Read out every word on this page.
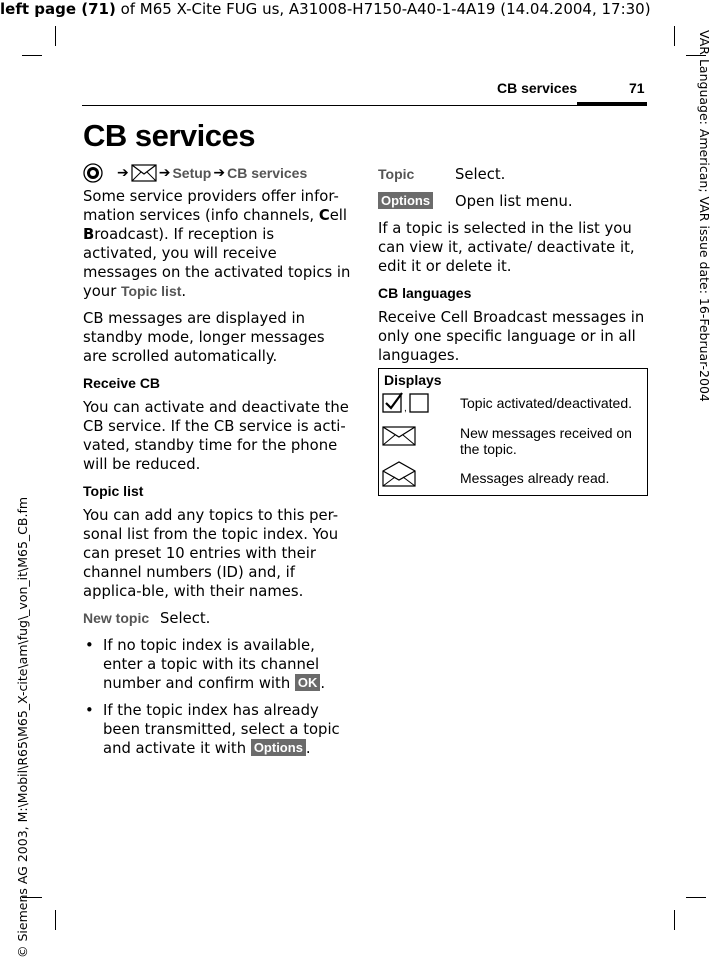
left page (71) of M65 X-Cite FUG us, A31008-H7150-A40-1-4A19 (14.04.2004, 17:30)
VAR Language: American; VAR issue date: 16-Februar-2004
© Siemens AG 2003, M:\Mobil\R65\M65_X-cite\am\fug\_von_it\M65_CB.fm
CB services	71
CB services
➔ ➔ Setup ➔ CB services

Some service providers offer infor-mation services (info channels, Cell Broadcast). If reception is activated, you will receive messages on the activated topics in your Topic list.

CB messages are displayed in standby mode, longer messages are scrolled automatically.

Receive CB

You can activate and deactivate the CB service. If the CB service is acti-vated, standby time for the phone will be reduced.

Topic list

You can add any topics to this per-sonal list from the topic index. You can preset 10 entries with their channel numbers (ID) and, if applica-ble, with their names.

New topic Select.
• If no topic index is available, enter a topic with its channel number and confirm with OK .
• If the topic index has already been transmitted, select a topic and activate it with Options .
Topic	Select.
Options	Open list menu.

If a topic is selected in the list you can view it, activate/ deactivate it, edit it or delete it.

CB languages

Receive Cell Broadcast messages in only one specific language or in all languages.

Displays
,	Topic activated/deactivated.
New messages received on the topic.
Messages already read.
